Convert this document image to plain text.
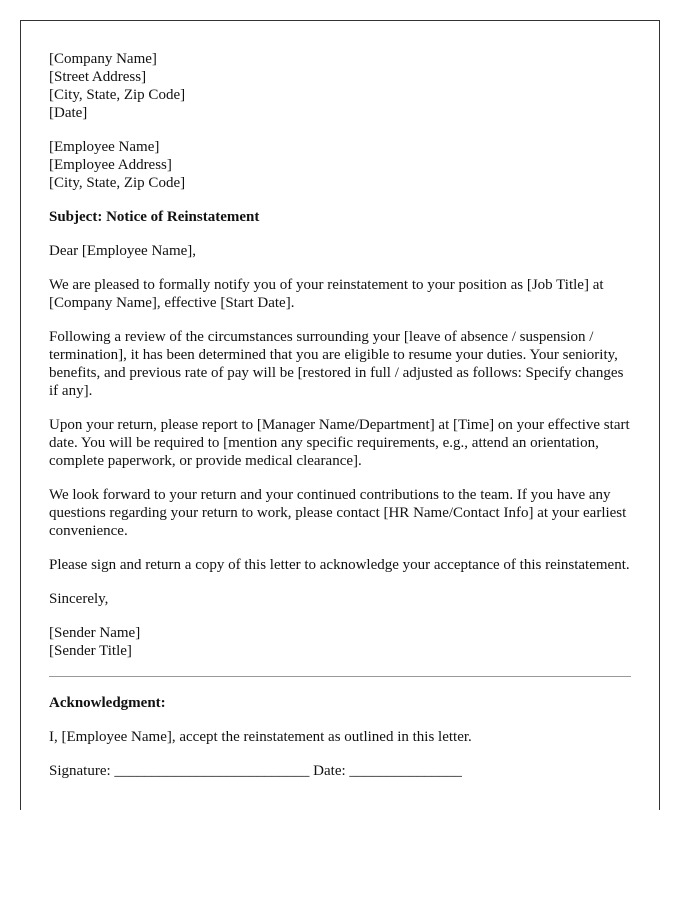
[Company Name]
[Street Address]
[City, State, Zip Code]
[Date]

[Employee Name]
[Employee Address]
[City, State, Zip Code]

Subject: Notice of Reinstatement

Dear [Employee Name],

We are pleased to formally notify you of your reinstatement to your position as [Job Title] at [Company Name], effective [Start Date].

Following a review of the circumstances surrounding your [leave of absence / suspension / termination], it has been determined that you are eligible to resume your duties. Your seniority, benefits, and previous rate of pay will be [restored in full / adjusted as follows: Specify changes if any].

Upon your return, please report to [Manager Name/Department] at [Time] on your effective start date. You will be required to [mention any specific requirements, e.g., attend an orientation, complete paperwork, or provide medical clearance].

We look forward to your return and your continued contributions to the team. If you have any questions regarding your return to work, please contact [HR Name/Contact Info] at your earliest convenience.

Please sign and return a copy of this letter to acknowledge your acceptance of this reinstatement.

Sincerely,

[Sender Name]
[Sender Title]

Acknowledgment:

I, [Employee Name], accept the reinstatement as outlined in this letter.

Signature: __________________________ Date: _______________
